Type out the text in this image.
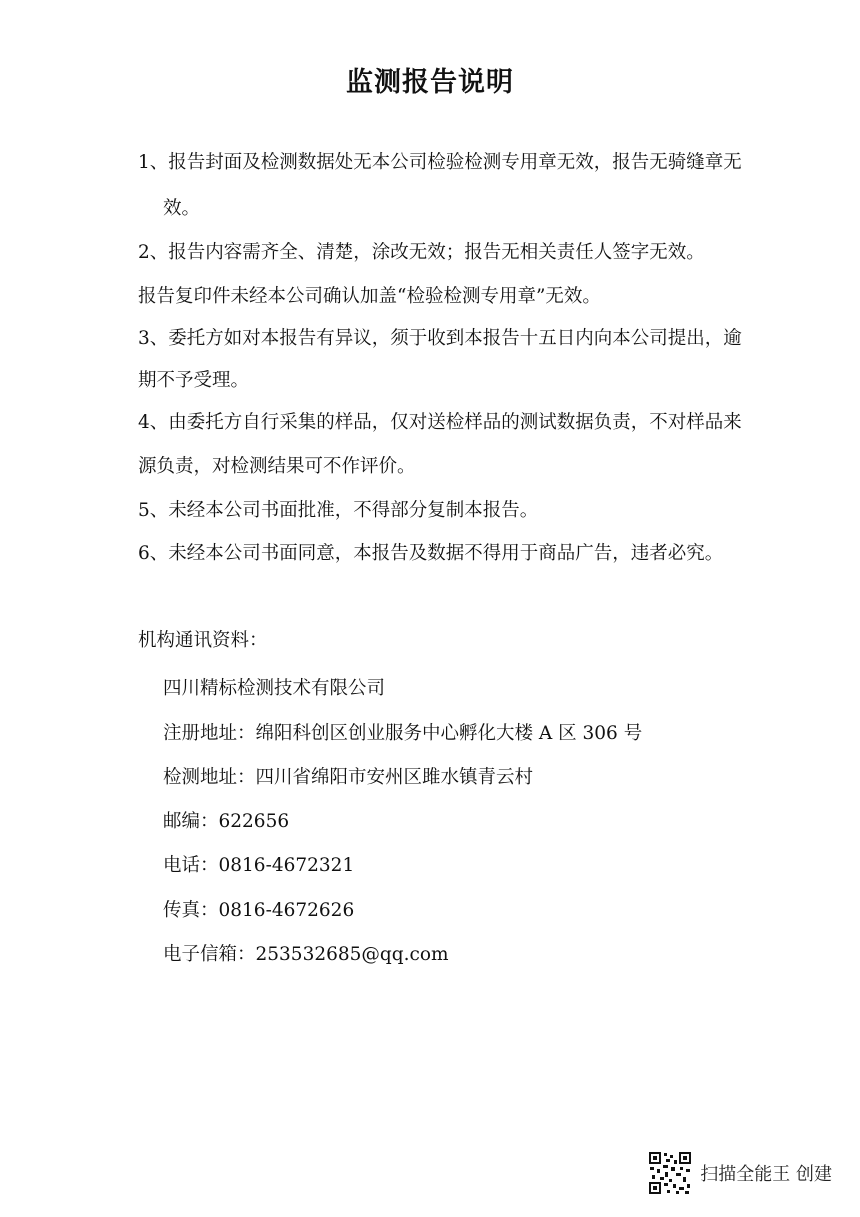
监测报告说明
1、报告封面及检测数据处无本公司检验检测专用章无效，报告无骑缝章无
效。
2、报告内容需齐全、清楚，涂改无效；报告无相关责任人签字无效。
报告复印件未经本公司确认加盖“检验检测专用章”无效。
3、委托方如对本报告有异议，须于收到本报告十五日内向本公司提出，逾
期不予受理。
4、由委托方自行采集的样品，仅对送检样品的测试数据负责，不对样品来
源负责，对检测结果可不作评价。
5、未经本公司书面批准，不得部分复制本报告。
6、未经本公司书面同意，本报告及数据不得用于商品广告，违者必究。
机构通讯资料：
四川精标检测技术有限公司
注册地址：绵阳科创区创业服务中心孵化大楼 A 区 306 号
检测地址：四川省绵阳市安州区雎水镇青云村
邮编：622656
电话：0816-4672321
传真：0816-4672626
电子信箱：253532685@qq.com
扫描全能王 创建
